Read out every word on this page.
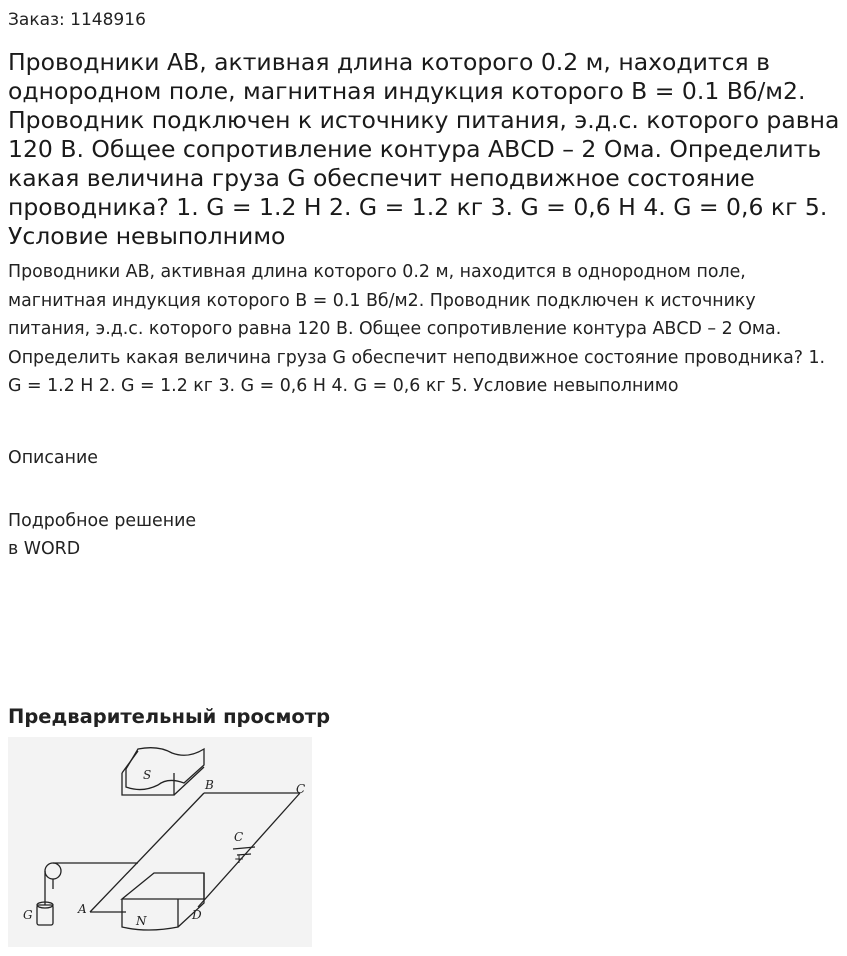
Заказ: 1148916
Проводники АВ, активная длина которого 0.2 м, находится в однородном поле, магнитная индукция которого В = 0.1 Вб/м2. Проводник подключен к источнику питания, э.д.с. которого равна 120 В. Общее сопротивление контура АВСD – 2 Ома. Определить какая величина груза G обеспечит неподвижное состояние проводника? 1. G = 1.2 Н 2. G = 1.2 кг 3. G = 0,6 Н 4. G = 0,6 кг 5. Условие невыполнимо

Проводники АВ, активная длина которого 0.2 м, находится в однородном поле, магнитная индукция которого В = 0.1 Вб/м2. Проводник подключен к источнику питания, э.д.с. которого равна 120 В. Общее сопротивление контура АВСD – 2 Ома. Определить какая величина груза G обеспечит неподвижное состояние проводника? 1. G = 1.2 Н 2. G = 1.2 кг 3. G = 0,6 Н 4. G = 0,6 кг 5. Условие невыполнимо

Описание
Подробное решение
в WORD
Предварительный просмотр
S
B	C
C
+
A
N	D
G
